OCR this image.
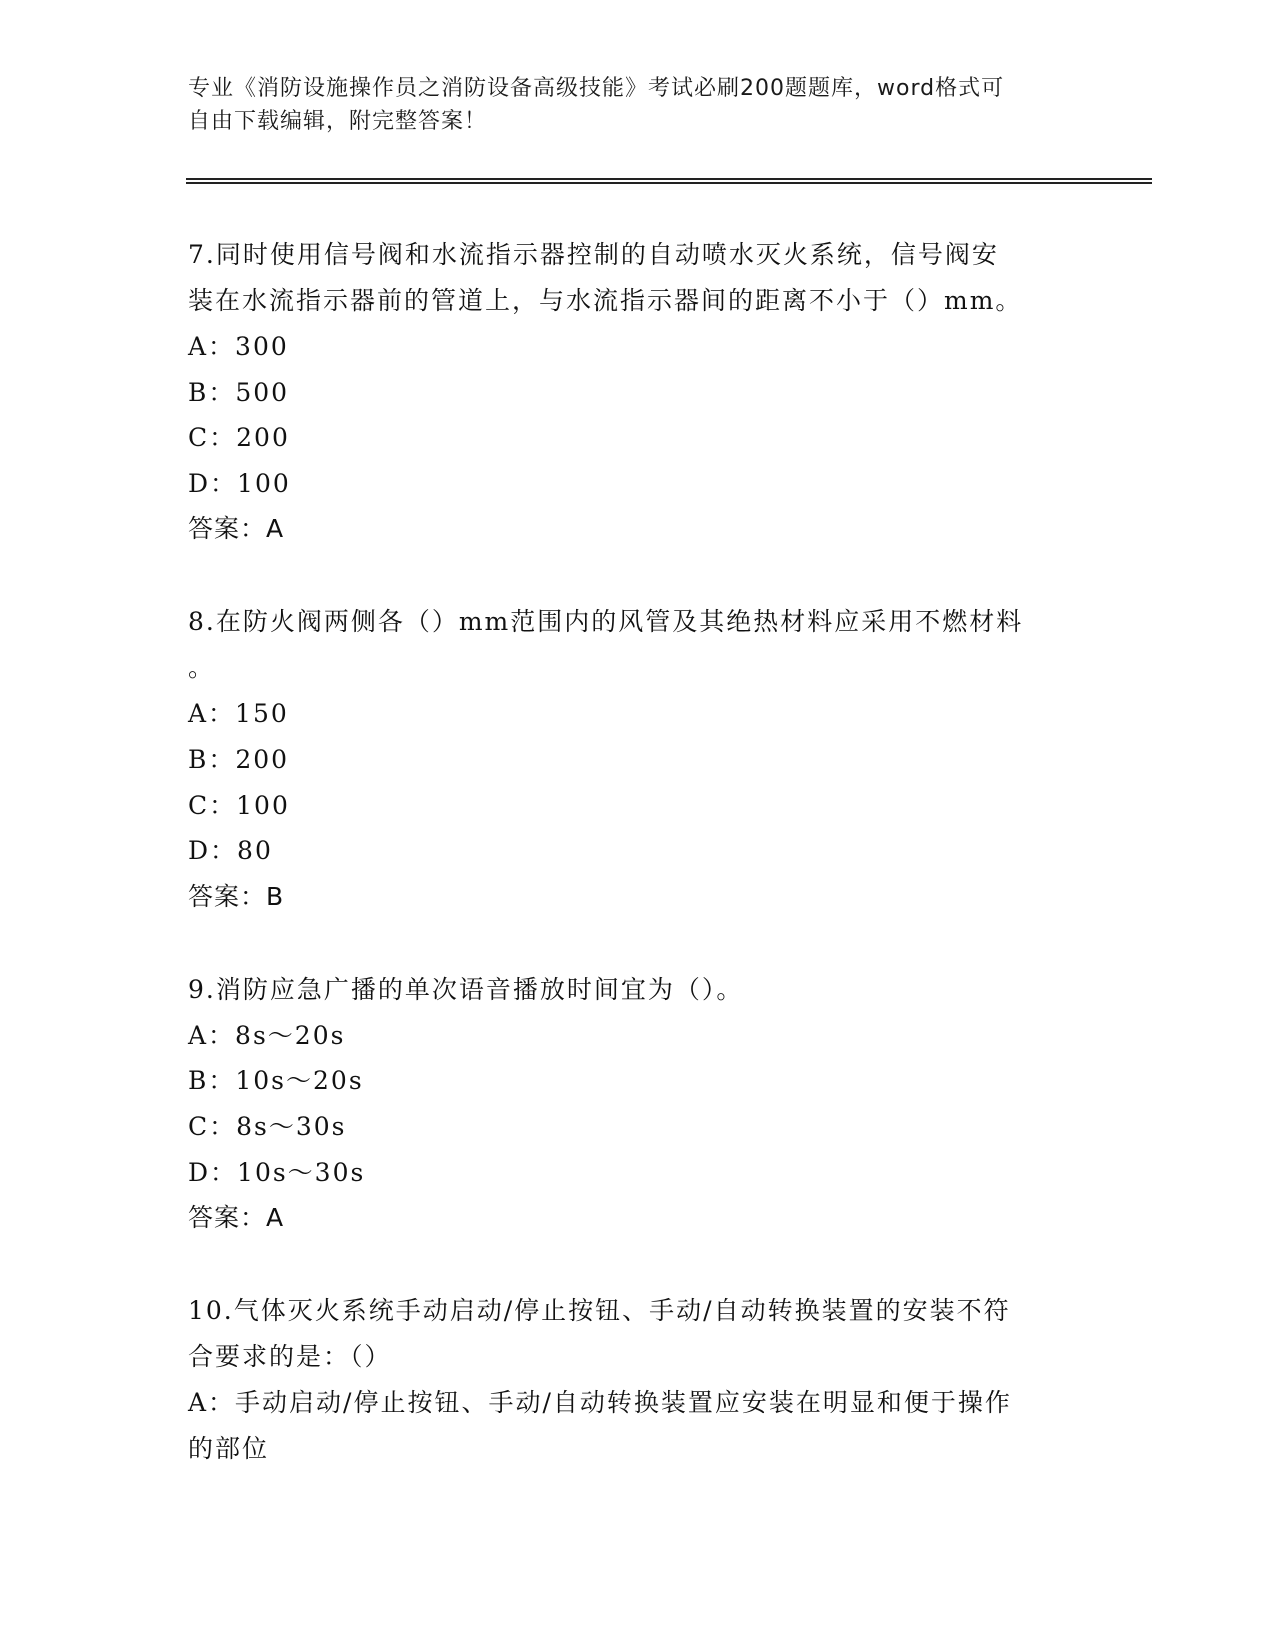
专业《消防设施操作员之消防设备高级技能》考试必刷200题题库，word格式可
自由下载编辑，附完整答案！

7.同时使用信号阀和水流指示器控制的自动喷水灭火系统，信号阀安

装在水流指示器前的管道上，与水流指示器间的距离不小于（）mm。

A：300

B：500

C：200

D：100

答案：A

8.在防火阀两侧各（）mm范围内的风管及其绝热材料应采用不燃材料

。

A：150

B：200

C：100

D：80

答案：B

9.消防应急广播的单次语音播放时间宜为（）。

A：8s～20s

B：10s～20s

C：8s～30s

D：10s～30s

答案：A

10.气体灭火系统手动启动/停止按钮、手动/自动转换装置的安装不符

合要求的是：（）

A：手动启动/停止按钮、手动/自动转换装置应安装在明显和便于操作

的部位
